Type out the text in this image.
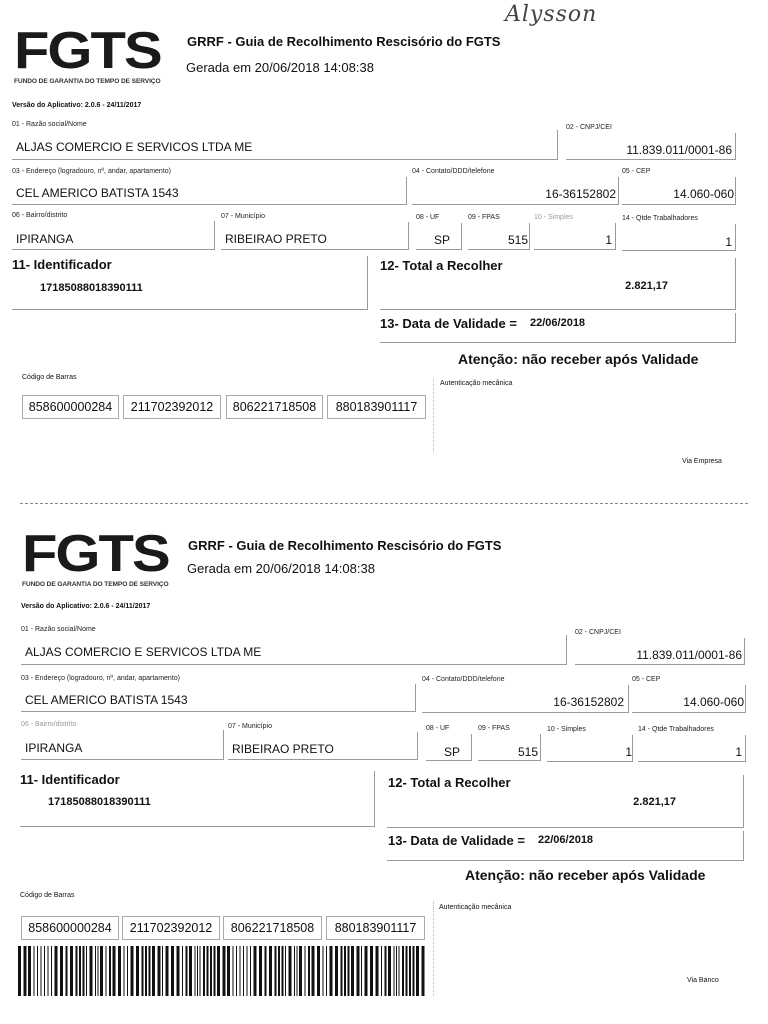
Alysson
FGTS
FUNDO DE GARANTIA DO TEMPO DE SERVIÇO
GRRF - Guia de Recolhimento Rescisório do FGTS
Gerada em 20/06/2018 14:08:38
Versão do Aplicativo: 2.0.6 - 24/11/2017
01 - Razão social/Nome
ALJAS COMERCIO E SERVICOS LTDA ME
02 - CNPJ/CEI
11.839.011/0001-86
03 - Endereço (logradouro, nº, andar, apartamento)
CEL AMERICO BATISTA 1543
04 - Contato/DDD/telefone
16-36152802
05 - CEP
14.060-060
06 - Bairro/distrito
IPIRANGA
07 - Município
RIBEIRAO PRETO
08 - UF
SP
09 - FPAS
515
10 - Simples
1
14 - Qtde Trabalhadores
1
11- Identificador
17185088018390111
12- Total a Recolher
2.821,17
13- Data de Validade = 22/06/2018
Atenção: não receber após Validade
Código de Barras
858600000284	211702392012	806221718508	880183901117
Autenticação mecânica
Via Empresa
FGTS
FUNDO DE GARANTIA DO TEMPO DE SERVIÇO
GRRF - Guia de Recolhimento Rescisório do FGTS
Gerada em 20/06/2018 14:08:38
Versão do Aplicativo: 2.0.6 - 24/11/2017
01 - Razão social/Nome
ALJAS COMERCIO E SERVICOS LTDA ME
02 - CNPJ/CEI
11.839.011/0001-86
03 - Endereço (logradouro, nº, andar, apartamento)
CEL AMERICO BATISTA 1543
04 - Contato/DDD/telefone
16-36152802
05 - CEP
14.060-060
06 - Bairro/distrito
IPIRANGA
07 - Município
RIBEIRAO PRETO
08 - UF
SP
09 - FPAS
515
10 - Simples
1
14 - Qtde Trabalhadores
1
11- Identificador
17185088018390111
12- Total a Recolher
2.821,17
13- Data de Validade = 22/06/2018
Atenção: não receber após Validade
Código de Barras
858600000284	211702392012	806221718508	880183901117
Autenticação mecânica
Via Banco
